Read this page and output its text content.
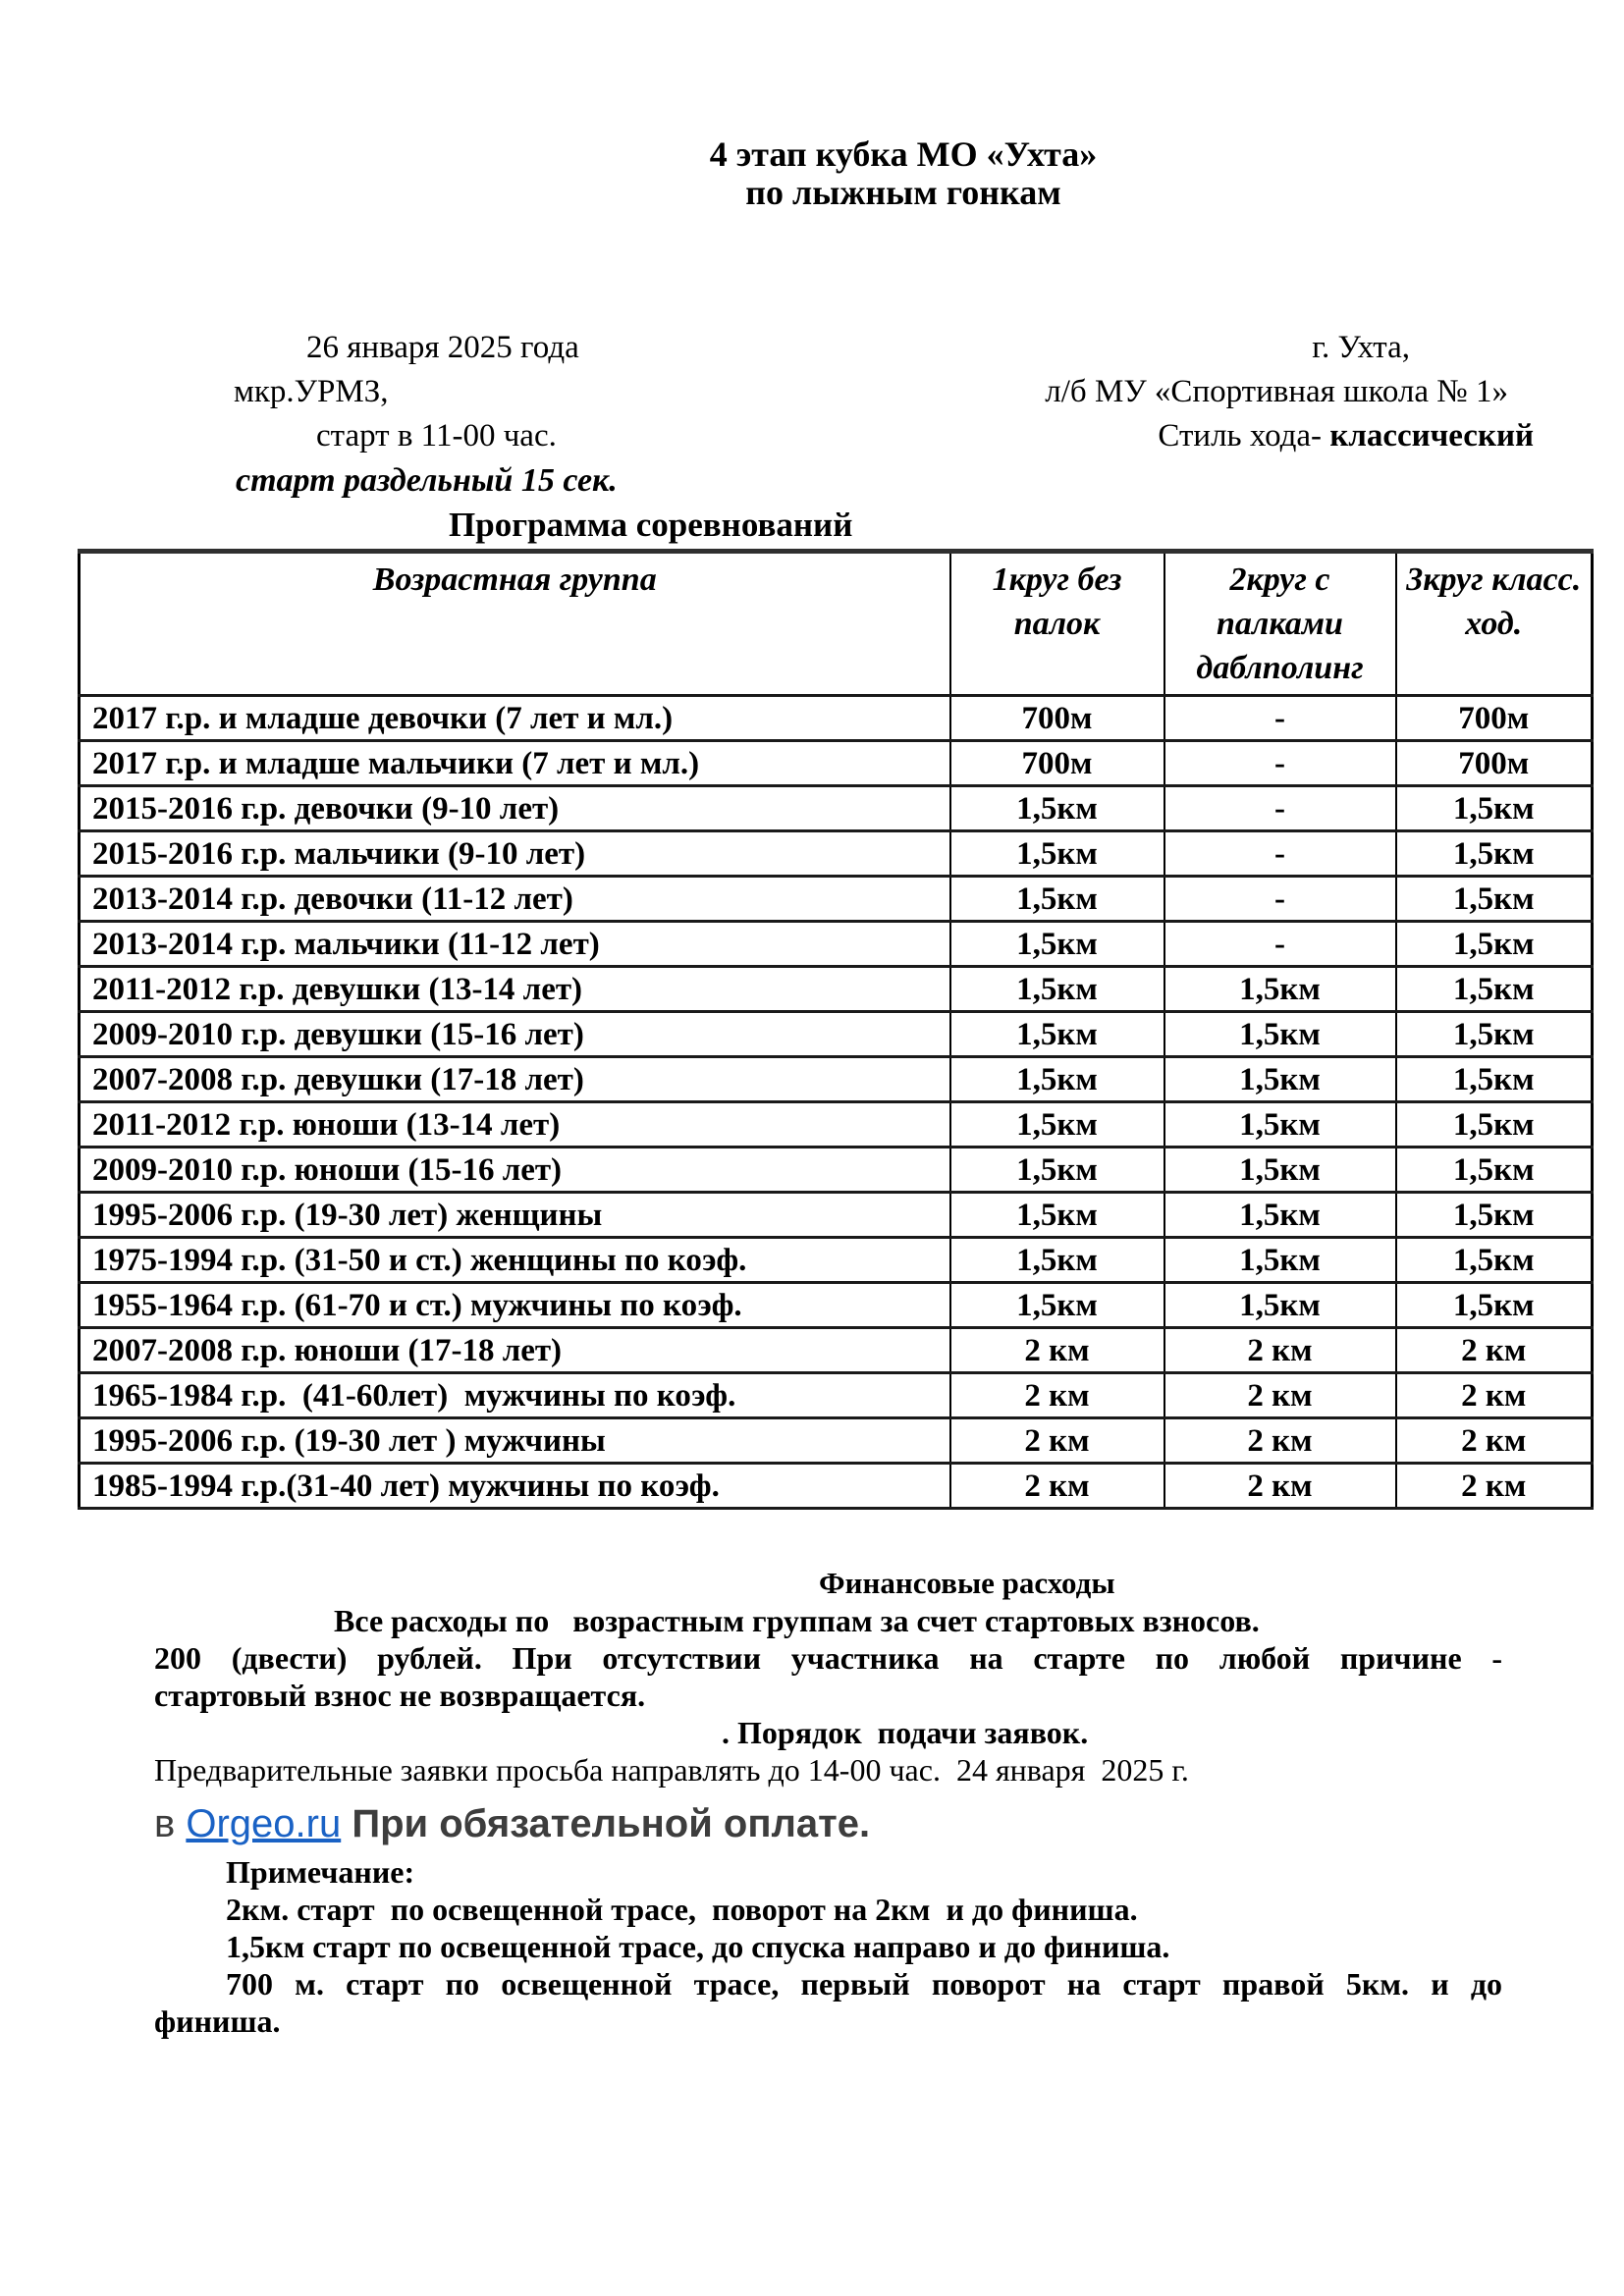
4 этап кубка МО «Ухта»
по лыжным гонкам
26 января 2025 года	г. Ухта,
мкр.УРМЗ,	л/б МУ «Спортивная школа № 1»
старт в 11-00 час.	Стиль хода- классический
старт раздельный 15 сек.
Программа соревнований
Возрастная группа	1круг без палок	2круг с палками даблполинг	3круг класс. ход.
2017 г.р. и младше девочки (7 лет и мл.)	700м	-	700м
2017 г.р. и младше мальчики (7 лет и мл.)	700м	-	700м
2015-2016 г.р. девочки (9-10 лет)	1,5км	-	1,5км
2015-2016 г.р. мальчики (9-10 лет)	1,5км	-	1,5км
2013-2014 г.р. девочки (11-12 лет)	1,5км	-	1,5км
2013-2014 г.р. мальчики (11-12 лет)	1,5км	-	1,5км
2011-2012 г.р. девушки (13-14 лет)	1,5км	1,5км	1,5км
2009-2010 г.р. девушки (15-16 лет)	1,5км	1,5км	1,5км
2007-2008 г.р. девушки (17-18 лет)	1,5км	1,5км	1,5км
2011-2012 г.р. юноши (13-14 лет)	1,5км	1,5км	1,5км
2009-2010 г.р. юноши (15-16 лет)	1,5км	1,5км	1,5км
1995-2006 г.р. (19-30 лет) женщины	1,5км	1,5км	1,5км
1975-1994 г.р. (31-50 и ст.) женщины по коэф.	1,5км	1,5км	1,5км
1955-1964 г.р. (61-70 и ст.) мужчины по коэф.	1,5км	1,5км	1,5км
2007-2008 г.р. юноши (17-18 лет)	2 км	2 км	2 км
1965-1984 г.р.  (41-60лет)  мужчины по коэф.	2 км	2 км	2 км
1995-2006 г.р. (19-30 лет ) мужчины	2 км	2 км	2 км
1985-1994 г.р.(31-40 лет) мужчины по коэф.	2 км	2 км	2 км
Финансовые расходы
Все расходы по   возрастным группам за счет стартовых взносов.
200 (двести) рублей. При отсутствии участника на старте по любой причине -
стартовый взнос не возвращается.
. Порядок  подачи заявок.
Предварительные заявки просьба направлять до 14-00 час.  24 января  2025 г.
в Orgeo.ru При обязательной оплате.
Примечание:
2км. старт  по освещенной трасе,  поворот на 2км  и до финиша.
1,5км старт по освещенной трасе, до спуска направо и до финиша.
700 м. старт по освещенной трасе, первый поворот на старт правой 5км. и до
финиша.
